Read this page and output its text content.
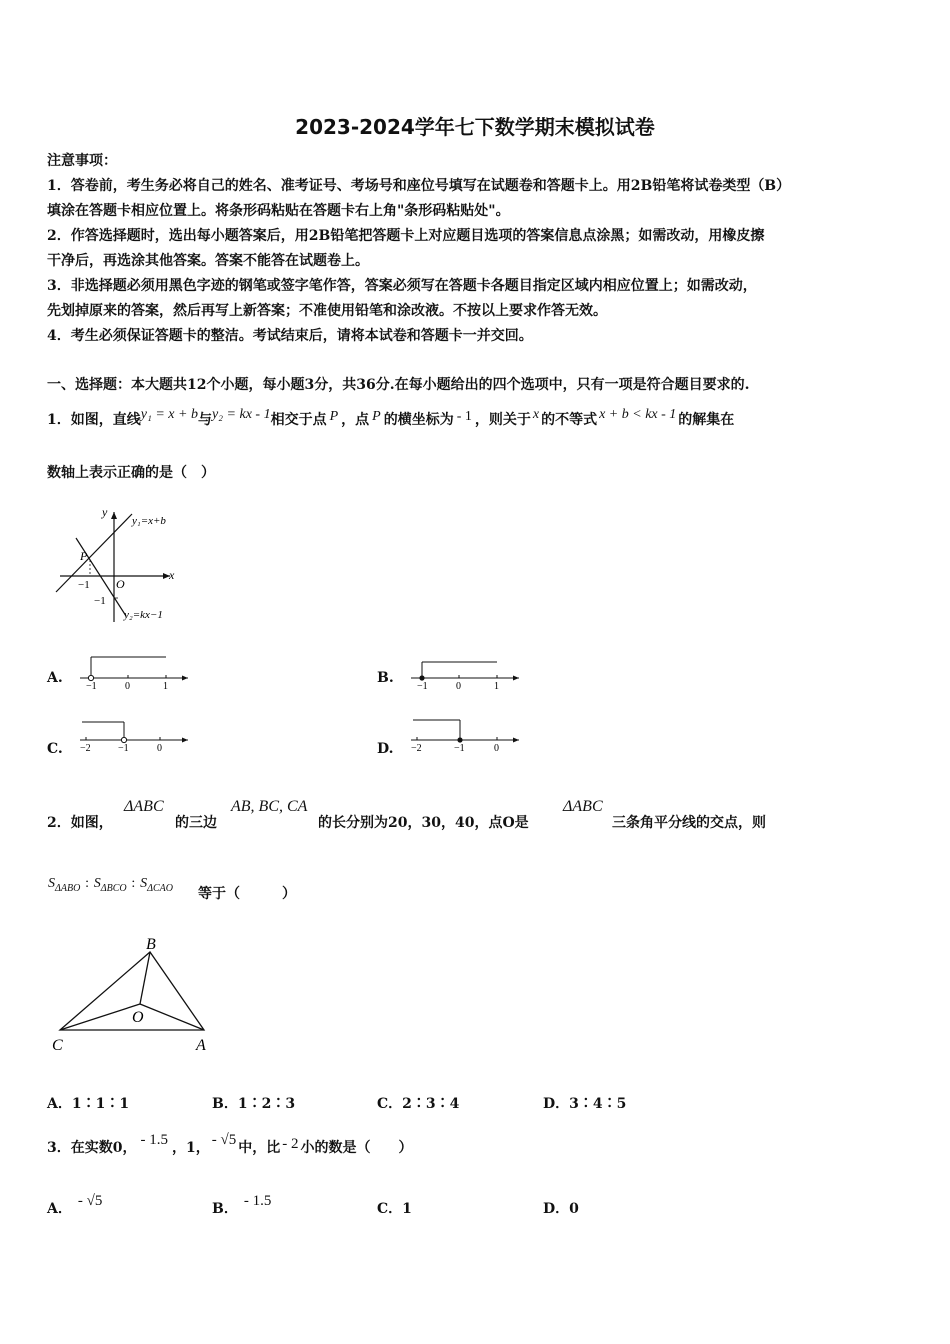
2023-2024学年七下数学期末模拟试卷
注意事项：
1．答卷前，考生务必将自己的姓名、准考证号、考场号和座位号填写在试题卷和答题卡上。用2B铅笔将试卷类型（B）
填涂在答题卡相应位置上。将条形码粘贴在答题卡右上角"条形码粘贴处"。
2．作答选择题时，选出每小题答案后，用2B铅笔把答题卡上对应题目选项的答案信息点涂黑；如需改动，用橡皮擦
干净后，再选涂其他答案。答案不能答在试题卷上。
3．非选择题必须用黑色字迹的钢笔或签字笔作答，答案必须写在答题卡各题目指定区域内相应位置上；如需改动，
先划掉原来的答案，然后再写上新答案；不准使用铅笔和涂改液。不按以上要求作答无效。
4．考生必须保证答题卡的整洁。考试结束后，请将本试卷和答题卡一并交回。
一、选择题：本大题共12个小题，每小题3分，共36分.在每小题给出的四个选项中，只有一项是符合题目要求的.
1．如图，直线y₁ = x + b与y₂ = kx - 1相交于点 P ，点 P 的横坐标为 - 1 ，则关于 x 的不等式 x + b < kx - 1 的解集在
数轴上表示正确的是（　）
y
x
O
P
−1
−1
y₁=x+b
y₂=kx−1
A.
−1	0	1
B.
−1	0	1
C. −2	−1	0	D. −2	−1	0
2．如图，
ΔABC
的三边
AB, BC, CA
的长分别为20，30，40，点O是
ΔABC
三条角平分线的交点，则
$S_{\Delta ABO}$ : $S_{\Delta BCO}$ : $S_{\Delta CAO}$ 等于（　　　）
B
O
C	A
A．1∶1∶1	B．1∶2∶3	C．2∶3∶4	D．3∶4∶5
3．在实数0， - 1.5 ，1， - √5 中，比 - 2 小的数是（　　）
A． - √5	B． - 1.5	C．1	D．0
